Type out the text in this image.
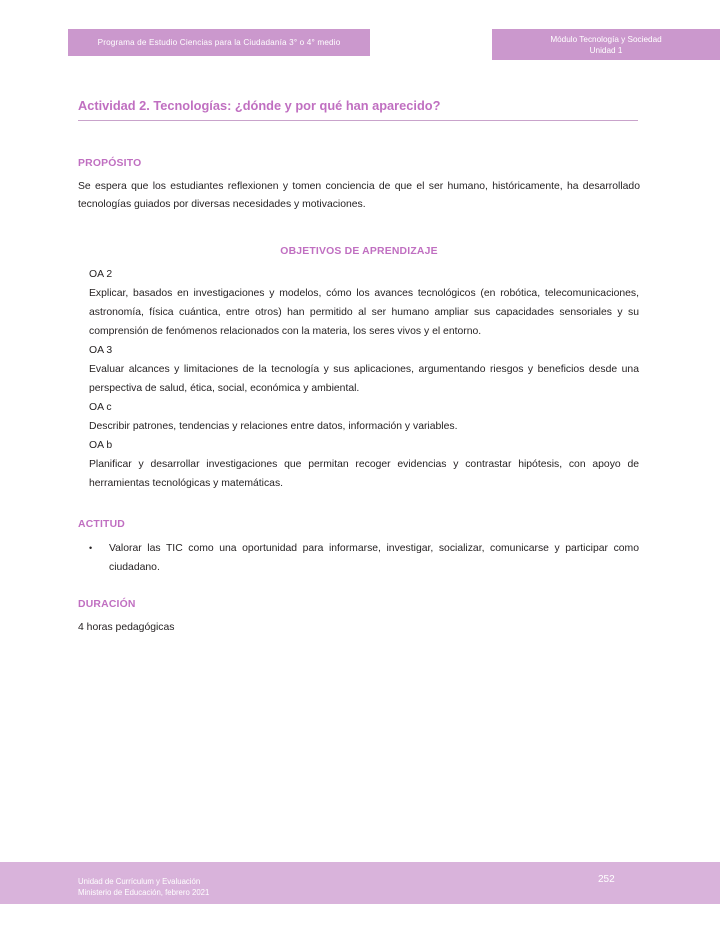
Programa de Estudio Ciencias para la Ciudadanía 3° o 4° medio	Módulo Tecnología y Sociedad
Unidad 1
Actividad 2. Tecnologías: ¿dónde y por qué han aparecido?
PROPÓSITO

Se espera que los estudiantes reflexionen y tomen conciencia de que el ser humano, históricamente, ha desarrollado tecnologías guiados por diversas necesidades y motivaciones.

OBJETIVOS DE APRENDIZAJE
OA 2

Explicar, basados en investigaciones y modelos, cómo los avances tecnológicos (en robótica, telecomunicaciones, astronomía, física cuántica, entre otros) han permitido al ser humano ampliar sus capacidades sensoriales y su comprensión de fenómenos relacionados con la materia, los seres vivos y el entorno.

OA 3

Evaluar alcances y limitaciones de la tecnología y sus aplicaciones, argumentando riesgos y beneficios desde una perspectiva de salud, ética, social, económica y ambiental.

OA c

Describir patrones, tendencias y relaciones entre datos, información y variables.

OA b

Planificar y desarrollar investigaciones que permitan recoger evidencias y contrastar hipótesis, con apoyo de herramientas tecnológicas y matemáticas.

ACTITUD
•	Valorar las TIC como una oportunidad para informarse, investigar, socializar, comunicarse y participar como ciudadano.
DURACIÓN
4 horas pedagógicas
Unidad de Currículum y Evaluación
Ministerio de Educación, febrero 2021
252
